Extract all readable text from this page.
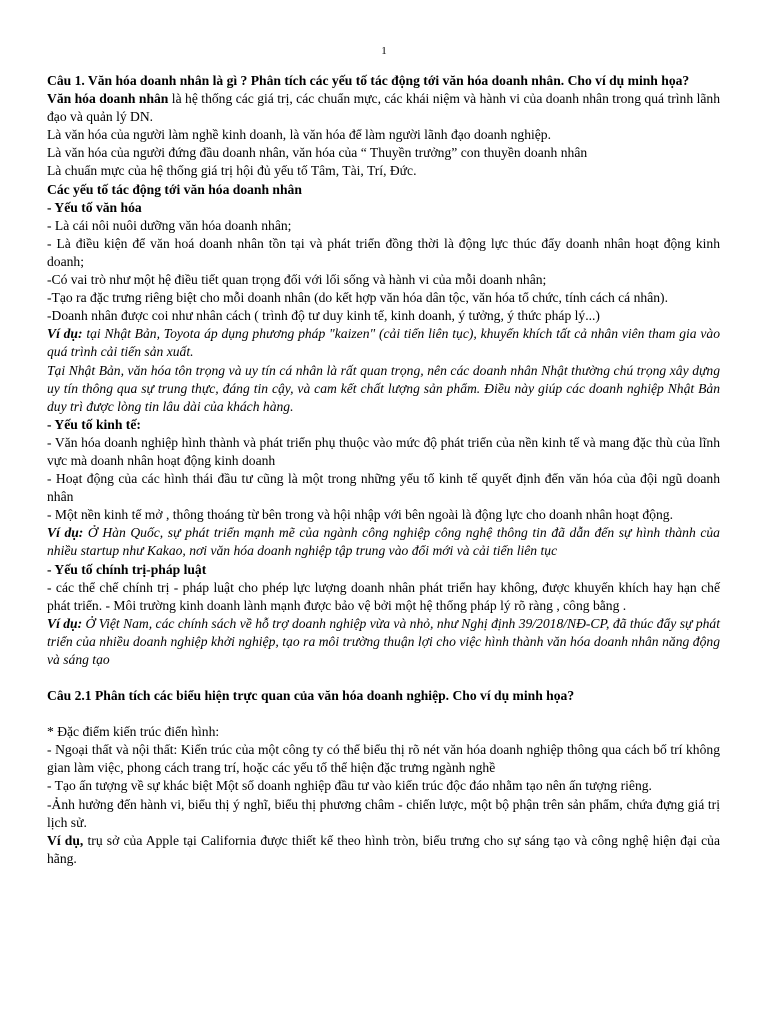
1

Câu 1. Văn hóa doanh nhân là gì ? Phân tích các yếu tố tác động tới văn hóa doanh nhân. Cho ví dụ minh họa?

Văn hóa doanh nhân là hệ thống các giá trị, các chuẩn mực, các khái niệm và hành vi của doanh nhân trong quá trình lãnh đạo và quản lý DN.

Là văn hóa của người làm nghề kinh doanh, là văn hóa để làm người lãnh đạo doanh nghiệp.

Là văn hóa của người đứng đầu doanh nhân, văn hóa của “ Thuyền trưởng” con thuyền doanh nhân

Là chuẩn mực của hệ thống giá trị hội đủ yếu tố Tâm, Tài, Trí, Đức.

Các yếu tố tác động tới văn hóa doanh nhân

- Yếu tố văn hóa

- Là cái nôi nuôi dưỡng văn hóa doanh nhân;

- Là điều kiện để văn hoá doanh nhân tồn tại và phát triển đồng thời là động lực thúc đẩy doanh nhân hoạt động kinh doanh;

-Có vai trò như một hệ điều tiết quan trọng đối với lối sống và hành vi của mỗi doanh nhân;

-Tạo ra đặc trưng riêng biệt cho mỗi doanh nhân (do kết hợp văn hóa dân tộc, văn hóa tổ chức, tính cách cá nhân).

-Doanh nhân được coi như nhân cách ( trình độ tư duy kinh tế, kinh doanh, ý tưởng, ý thức pháp lý...)

Ví dụ: tại Nhật Bản, Toyota áp dụng phương pháp "kaizen" (cải tiến liên tục), khuyến khích tất cả nhân viên tham gia vào quá trình cải tiến sản xuất.

Tại Nhật Bản, văn hóa tôn trọng và uy tín cá nhân là rất quan trọng, nên các doanh nhân Nhật thường chú trọng xây dựng uy tín thông qua sự trung thực, đáng tin cậy, và cam kết chất lượng sản phẩm. Điều này giúp các doanh nghiệp Nhật Bản duy trì được lòng tin lâu dài của khách hàng.

- Yếu tố kinh tế:

- Văn hóa doanh nghiệp hình thành và phát triển phụ thuộc vào mức độ phát triển của nền kinh tế và mang đặc thù của lĩnh vực mà doanh nhân hoạt động kinh doanh

- Hoạt động của các hình thái đầu tư cũng là một trong những yếu tố kinh tế quyết định đến văn hóa của đội ngũ doanh nhân

- Một nền kinh tế mở , thông thoáng từ bên trong và hội nhập với bên ngoài là động lực cho doanh nhân hoạt động.

Ví dụ: Ở Hàn Quốc, sự phát triển mạnh mẽ của ngành công nghiệp công nghệ thông tin đã dẫn đến sự hình thành của nhiều startup như Kakao, nơi văn hóa doanh nghiệp tập trung vào đổi mới và cải tiến liên tục

- Yếu tố chính trị-pháp luật

- các thể chế chính trị - pháp luật cho phép lực lượng doanh nhân phát triển hay không, được khuyến khích hay hạn chế phát triển. - Môi trường kinh doanh lành mạnh được bảo vệ bởi một hệ thống pháp lý rõ ràng , công bằng .

Ví dụ: Ở Việt Nam, các chính sách về hỗ trợ doanh nghiệp vừa và nhỏ, như Nghị định 39/2018/NĐ-CP, đã thúc đẩy sự phát triển của nhiều doanh nghiệp khởi nghiệp, tạo ra môi trường thuận lợi cho việc hình thành văn hóa doanh nhân năng động và sáng tạo

Câu 2.1 Phân tích các biểu hiện trực quan của văn hóa doanh nghiệp. Cho ví dụ minh họa?

* Đặc điểm kiến trúc điển hình:

- Ngoại thất và nội thất: Kiến trúc của một công ty có thể biểu thị rõ nét văn hóa doanh nghiệp thông qua cách bố trí không gian làm việc, phong cách trang trí, hoặc các yếu tố thể hiện đặc trưng ngành nghề

- Tạo ấn tượng về sự khác biệt Một số doanh nghiệp đầu tư vào kiến trúc độc đáo nhằm tạo nên ấn tượng riêng.

-Ảnh hưởng đến hành vi, biểu thị ý nghĩ, biểu thị phương châm - chiến lược, một bộ phận trên sản phẩm, chứa đựng giá trị lịch sử.

Ví dụ, trụ sở của Apple tại California được thiết kế theo hình tròn, biểu trưng cho sự sáng tạo và công nghệ hiện đại của hãng.
